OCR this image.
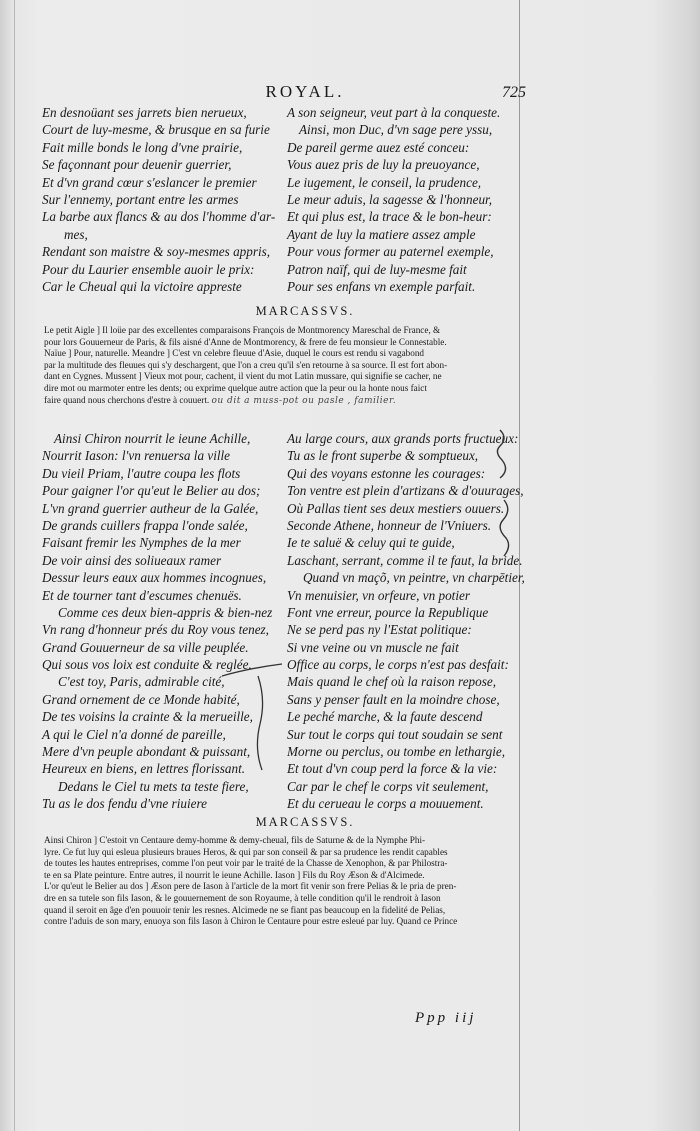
ROYAL.	725
En desnoüant ses jarrets bien nerueux,
Court de luy-mesme, & brusque en sa furie
Fait mille bonds le long d'vne prairie,
Se façonnant pour deuenir guerrier,
Et d'vn grand cœur s'eslancer le premier
Sur l'ennemy, portant entre les armes
La barbe aux flancs & au dos l'homme d'ar-
mes,
Rendant son maistre & soy-mesmes appris,
Pour du Laurier ensemble auoir le prix:
Car le Cheual qui la victoire appreste
A son seigneur, veut part à la conqueste.
Ainsi, mon Duc, d'vn sage pere yssu,
De pareil germe auez esté conceu:
Vous auez pris de luy la preuoyance,
Le iugement, le conseil, la prudence,
Le meur aduis, la sagesse & l'honneur,
Et qui plus est, la trace & le bon-heur:
Ayant de luy la matiere assez ample
Pour vous former au paternel exemple,
Patron naïf, qui de luy-mesme fait
Pour ses enfans vn exemple parfait.
MARCASSVS.
Le petit Aigle ] Il loüe par des excellentes comparaisons François de Montmorency Mareschal de France, &
pour lors Gouuerneur de Paris, & fils aisné d'Anne de Montmorency, & frere de feu monsieur le Connestable.
Naïue ] Pour, naturelle. Meandre ] C'est vn celebre fleuue d'Asie, duquel le cours est rendu si vagabond
par la multitude des fleuues qui s'y deschargent, que l'on a creu qu'il s'en retourne à sa source. Il est fort abon-
dant en Cygnes. Mussent ] Vieux mot pour, cachent, il vient du mot Latin mussare, qui signifie se cacher, ne
dire mot ou marmoter entre les dents; ou exprime quelque autre action que la peur ou la honte nous faict
faire quand nous cherchons d'estre à couuert. ou dit a muss-pot ou pasle , familier.
Ainsi Chiron nourrit le ieune Achille,
Nourrit Iason: l'vn renuersa la ville
Du vieil Priam, l'autre coupa les flots
Pour gaigner l'or qu'eut le Belier au dos;
L'vn grand guerrier autheur de la Galée,
De grands cuillers frappa l'onde salée,
Faisant fremir les Nymphes de la mer
De voir ainsi des soliueaux ramer
Dessur leurs eaux aux hommes incognues,
Et de tourner tant d'escumes chenuës.
Comme ces deux bien-appris & bien-nez
Vn rang d'honneur prés du Roy vous tenez,
Grand Gouuerneur de sa ville peuplée.
Qui sous vos loix est conduite & reglée.
C'est toy, Paris, admirable cité,
Grand ornement de ce Monde habité,
De tes voisins la crainte & la merueille,
A qui le Ciel n'a donné de pareille,
Mere d'vn peuple abondant & puissant,
Heureux en biens, en lettres florissant.
Dedans le Ciel tu mets ta teste fiere,
Tu as le dos fendu d'vne riuiere
Au large cours, aux grands ports fructueux:
Tu as le front superbe & somptueux,
Qui des voyans estonne les courages:
Ton ventre est plein d'artizans & d'ouurages,
Où Pallas tient ses deux mestiers ouuers.
Seconde Athene, honneur de l'Vniuers.
Ie te saluë & celuy qui te guide,
Laschant, serrant, comme il te faut, la bride.
Quand vn maçõ, vn peintre, vn charpētier,
Vn menuisier, vn orfeure, vn potier
Font vne erreur, pource la Republique
Ne se perd pas ny l'Estat politique:
Si vne veine ou vn muscle ne fait
Office au corps, le corps n'est pas desfait:
Mais quand le chef où la raison repose,
Sans y penser fault en la moindre chose,
Le peché marche, & la faute descend
Sur tout le corps qui tout soudain se sent
Morne ou perclus, ou tombe en lethargie,
Et tout d'vn coup perd la force & la vie:
Car par le chef le corps vit seulement,
Et du cerueau le corps a mouuement.
MARCASSVS.
Ainsi Chiron ] C'estoit vn Centaure demy-homme & demy-cheual, fils de Saturne & de la Nymphe Phi-
lyre. Ce fut luy qui esleua plusieurs braues Heros, & qui par son conseil & par sa prudence les rendit capables
de toutes les hautes entreprises, comme l'on peut voir par le traité de la Chasse de Xenophon, & par Philostra-
te en sa Plate peinture. Entre autres, il nourrit le ieune Achille. Iason ] Fils du Roy Æson & d'Alcimede.
L'or qu'eut le Belier au dos ] Æson pere de Iason à l'article de la mort fit venir son frere Pelias & le pria de pren-
dre en sa tutele son fils Iason, & le gouuernement de son Royaume, à telle condition qu'il le rendroit à Iason
quand il seroit en âge d'en pouuoir tenir les resnes. Alcimede ne se fiant pas beaucoup en la fidelité de Pelias,
contre l'aduis de son mary, enuoya son fils Iason à Chiron le Centaure pour estre esleué par luy. Quand ce Prince
Ppp iij
